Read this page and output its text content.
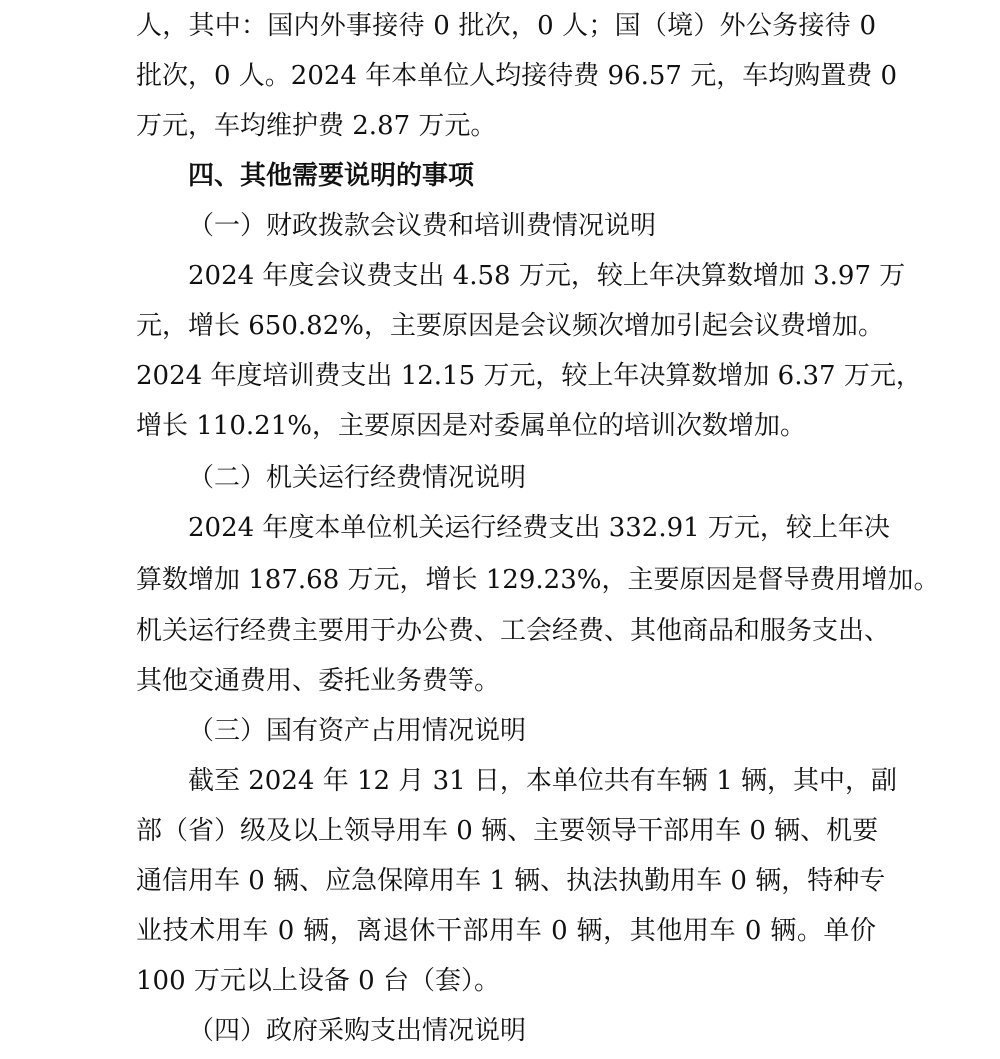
人，其中：国内外事接待 0 批次，0 人；国（境）外公务接待 0
批次，0 人。2024 年本单位人均接待费 96.57 元，车均购置费 0
万元，车均维护费 2.87 万元。
四、其他需要说明的事项
（一）财政拨款会议费和培训费情况说明
2024 年度会议费支出 4.58 万元，较上年决算数增加 3.97 万
元，增长 650.82%，主要原因是会议频次增加引起会议费增加。
2024 年度培训费支出 12.15 万元，较上年决算数增加 6.37 万元，
增长 110.21%，主要原因是对委属单位的培训次数增加。
（二）机关运行经费情况说明
2024 年度本单位机关运行经费支出 332.91 万元，较上年决
算数增加 187.68 万元，增长 129.23%，主要原因是督导费用增加。
机关运行经费主要用于办公费、工会经费、其他商品和服务支出、
其他交通费用、委托业务费等。
（三）国有资产占用情况说明
截至 2024 年 12 月 31 日，本单位共有车辆 1 辆，其中，副
部（省）级及以上领导用车 0 辆、主要领导干部用车 0 辆、机要
通信用车 0 辆、应急保障用车 1 辆、执法执勤用车 0 辆，特种专
业技术用车 0 辆，离退休干部用车 0 辆，其他用车 0 辆。单价
100 万元以上设备 0 台（套）。
（四）政府采购支出情况说明
